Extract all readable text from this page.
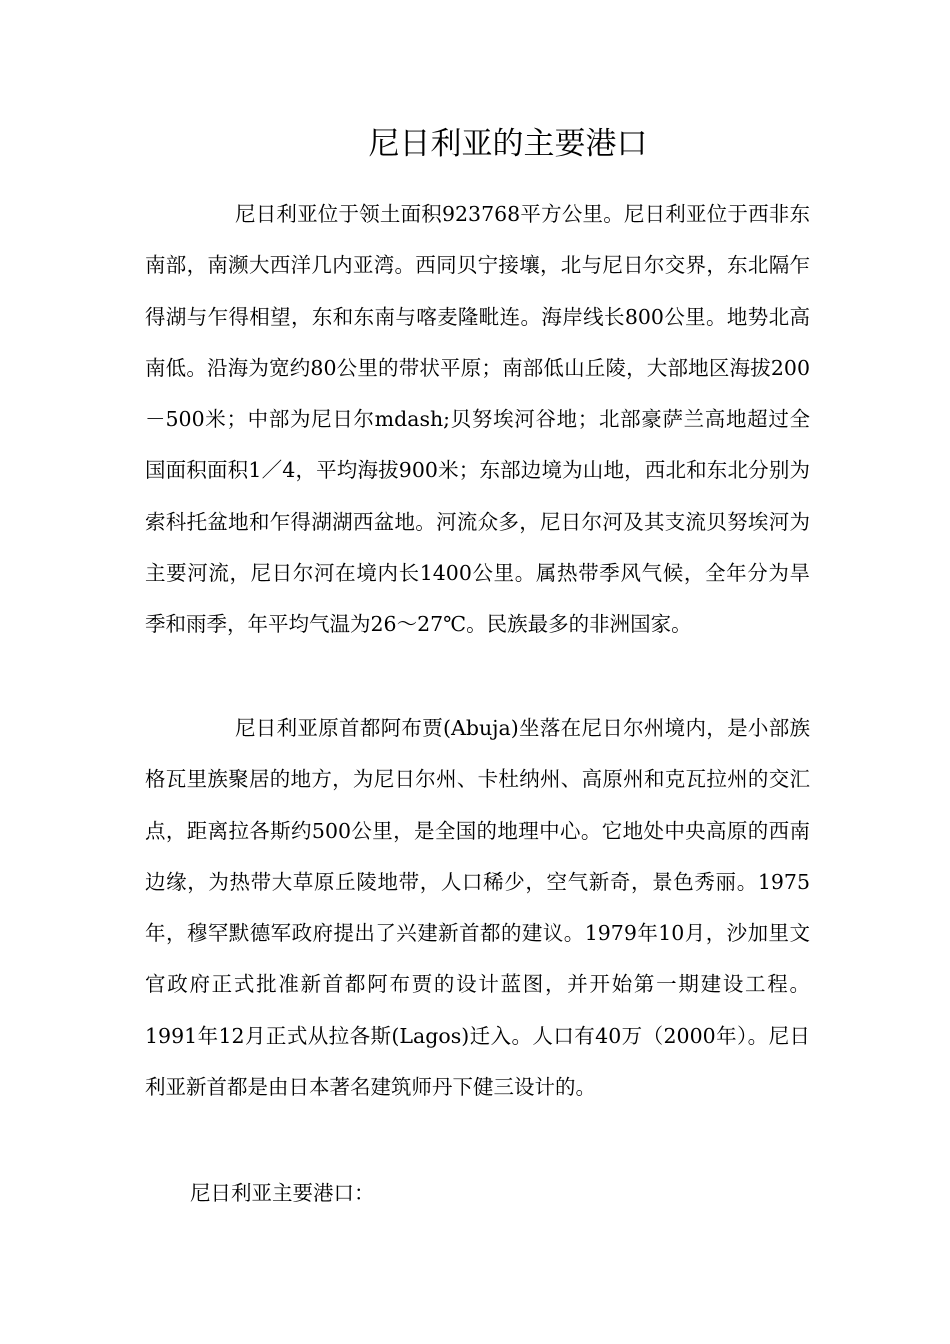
尼日利亚的主要港口

尼日利亚位于领土面积923768平方公里。尼日利亚位于西非东南部，南濒大西洋几内亚湾。西同贝宁接壤，北与尼日尔交界，东北隔乍得湖与乍得相望，东和东南与喀麦隆毗连。海岸线长800公里。地势北高南低。沿海为宽约80公里的带状平原；南部低山丘陵，大部地区海拔200－500米；中部为尼日尔mdash;贝努埃河谷地；北部豪萨兰高地超过全国面积面积1／4，平均海拔900米；东部边境为山地，西北和东北分别为索科托盆地和乍得湖湖西盆地。河流众多，尼日尔河及其支流贝努埃河为主要河流，尼日尔河在境内长1400公里。属热带季风气候，全年分为旱季和雨季，年平均气温为26～27℃。民族最多的非洲国家。

尼日利亚原首都阿布贾(Abuja)坐落在尼日尔州境内，是小部族格瓦里族聚居的地方，为尼日尔州、卡杜纳州、高原州和克瓦拉州的交汇点，距离拉各斯约500公里，是全国的地理中心。它地处中央高原的西南边缘，为热带大草原丘陵地带，人口稀少，空气新奇，景色秀丽。1975年，穆罕默德军政府提出了兴建新首都的建议。1979年10月，沙加里文官政府正式批准新首都阿布贾的设计蓝图，并开始第一期建设工程。1991年12月正式从拉各斯(Lagos)迁入。人口有40万（2000年）。尼日利亚新首都是由日本著名建筑师丹下健三设计的。

尼日利亚主要港口：
